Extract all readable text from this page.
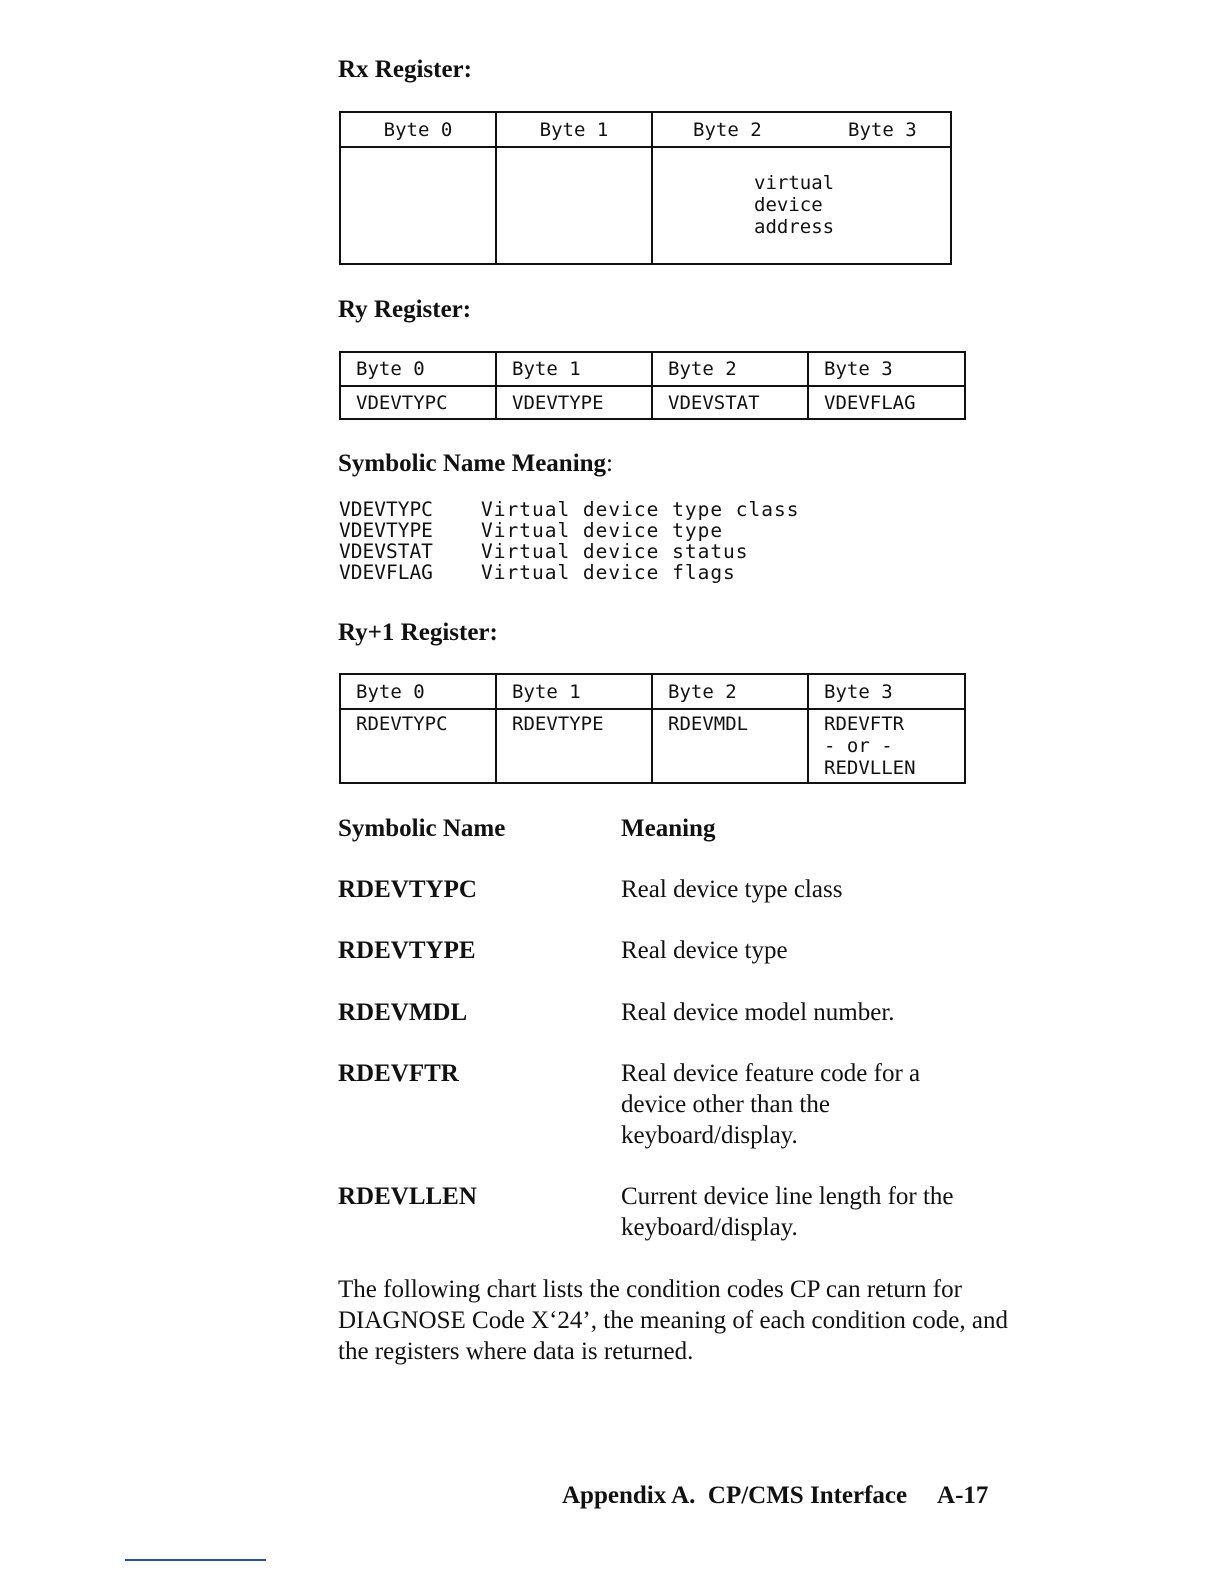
Rx Register:
Byte 0	Byte 1	Byte 2	Byte 3

		virtual
device
address	
Ry Register:
Byte 0	Byte 1	Byte 2	Byte 3
VDEVTYPC	VDEVTYPE	VDEVSTAT	VDEVFLAG
Symbolic Name Meaning:
VDEVTYPC	Virtual device type class
VDEVTYPE	Virtual device type
VDEVSTAT	Virtual device status
VDEVFLAG	Virtual device flags
Ry+1 Register:
Byte 0	Byte 1	Byte 2	Byte 3
RDEVTYPC	RDEVTYPE	RDEVMDL	RDEVFTR
- or -
REDVLLEN
Symbolic Name	Meaning
RDEVTYPC	Real device type class
RDEVTYPE	Real device type
RDEVMDL	Real device model number.
RDEVFTR	Real device feature code for a device other than the keyboard/display.
RDEVLLEN	Current device line length for the keyboard/display.

The following chart lists the condition codes CP can return for DIAGNOSE Code X‘24’, the meaning of each condition code, and the registers where data is returned.

Appendix A.  CP/CMS Interface A-17
